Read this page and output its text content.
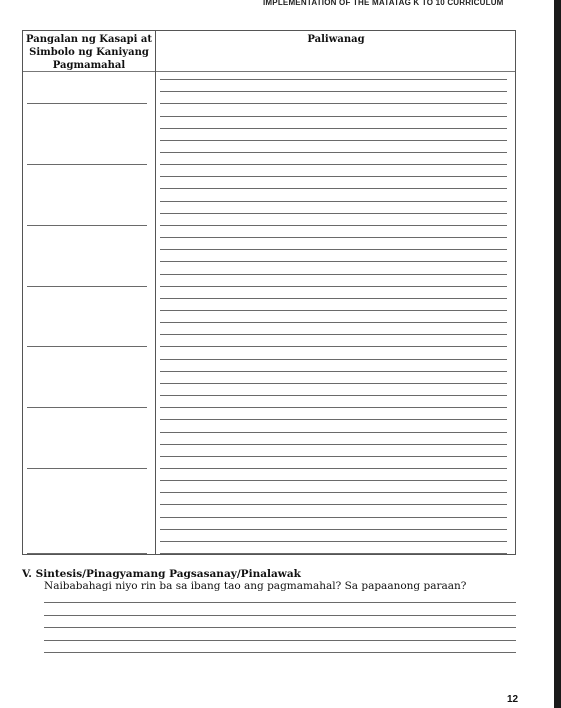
IMPLEMENTATION OF THE MATATAG K TO 10 CURRICULUM
Pangalan ng Kasapi at Simbolo ng Kaniyang Pagmamahal
Paliwanag
V. Sintesis/Pinagyamang Pagsasanay/Pinalawak
Naibabahagi niyo rin ba sa ibang tao ang pagmamahal? Sa papaanong paraan?
12
